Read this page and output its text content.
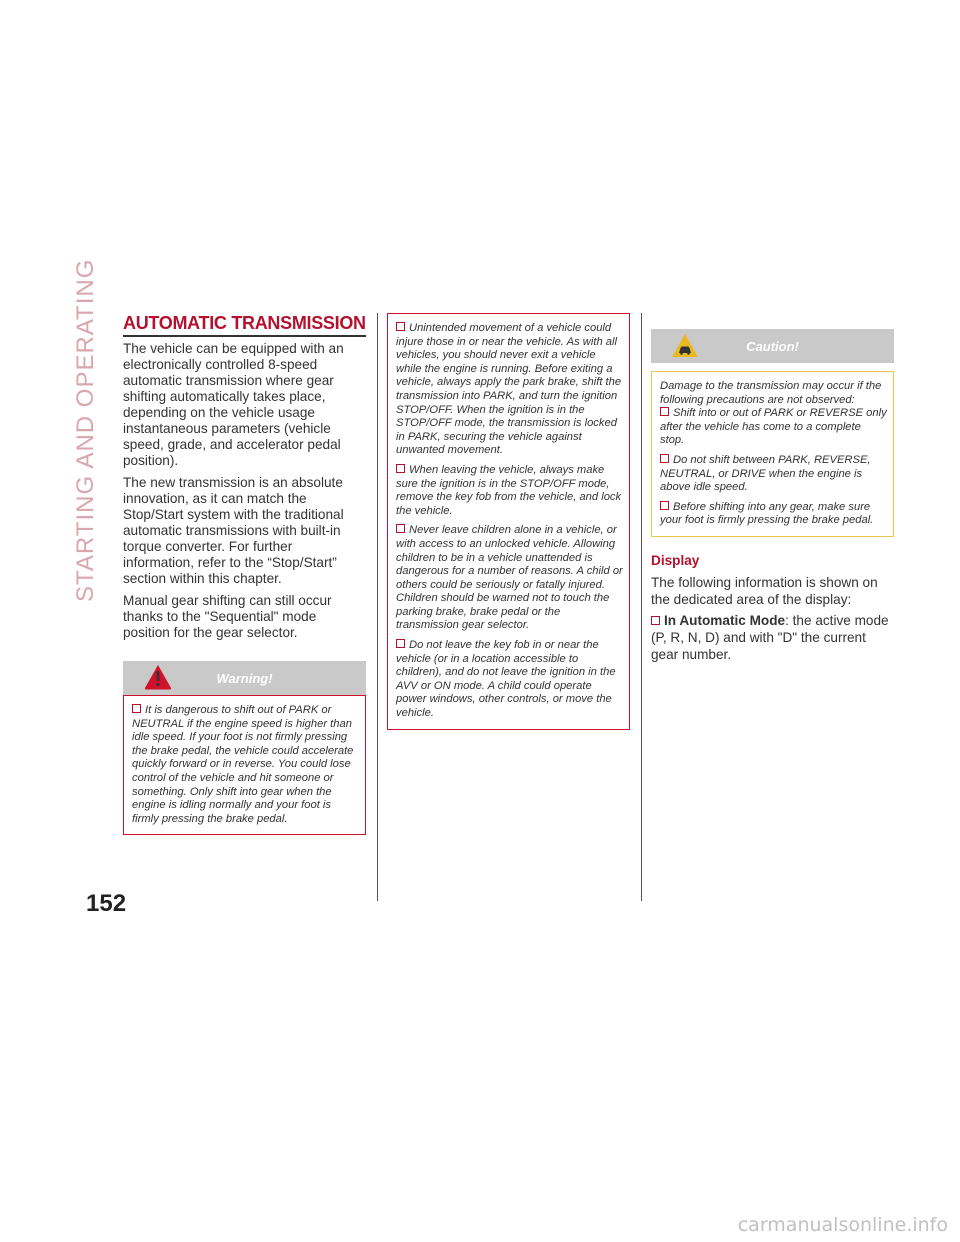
STARTING AND OPERATING
152
AUTOMATIC TRANSMISSION

The vehicle can be equipped with an electronically controlled 8-speed automatic transmission where gear shifting automatically takes place, depending on the vehicle usage instantaneous parameters (vehicle speed, grade, and accelerator pedal position).

The new transmission is an absolute innovation, as it can match the Stop/Start system with the traditional automatic transmissions with built-in torque converter. For further information, refer to the “Stop/Start” section within this chapter.

Manual gear shifting can still occur thanks to the "Sequential" mode position for the gear selector.

Warning!

It is dangerous to shift out of PARK or NEUTRAL if the engine speed is higher than idle speed. If your foot is not firmly pressing the brake pedal, the vehicle could accelerate quickly forward or in reverse. You could lose control of the vehicle and hit someone or something. Only shift into gear when the engine is idling normally and your foot is firmly pressing the brake pedal.

Unintended movement of a vehicle could injure those in or near the vehicle. As with all vehicles, you should never exit a vehicle while the engine is running. Before exiting a vehicle, always apply the park brake, shift the transmission into PARK, and turn the ignition STOP/OFF. When the ignition is in the STOP/OFF mode, the transmission is locked in PARK, securing the vehicle against unwanted movement.

When leaving the vehicle, always make sure the ignition is in the STOP/OFF mode, remove the key fob from the vehicle, and lock the vehicle.

Never leave children alone in a vehicle, or with access to an unlocked vehicle. Allowing children to be in a vehicle unattended is dangerous for a number of reasons. A child or others could be seriously or fatally injured. Children should be warned not to touch the parking brake, brake pedal or the transmission gear selector.

Do not leave the key fob in or near the vehicle (or in a location accessible to children), and do not leave the ignition in the AVV or ON mode. A child could operate power windows, other controls, or move the vehicle.

Caution!

Damage to the transmission may occur if the following precautions are not observed:

Shift into or out of PARK or REVERSE only after the vehicle has come to a complete stop.

Do not shift between PARK, REVERSE, NEUTRAL, or DRIVE when the engine is above idle speed.

Before shifting into any gear, make sure your foot is firmly pressing the brake pedal.

Display

The following information is shown on the dedicated area of the display:

In Automatic Mode: the active mode (P, R, N, D) and with "D" the current gear number.

carmanualsonline.info
